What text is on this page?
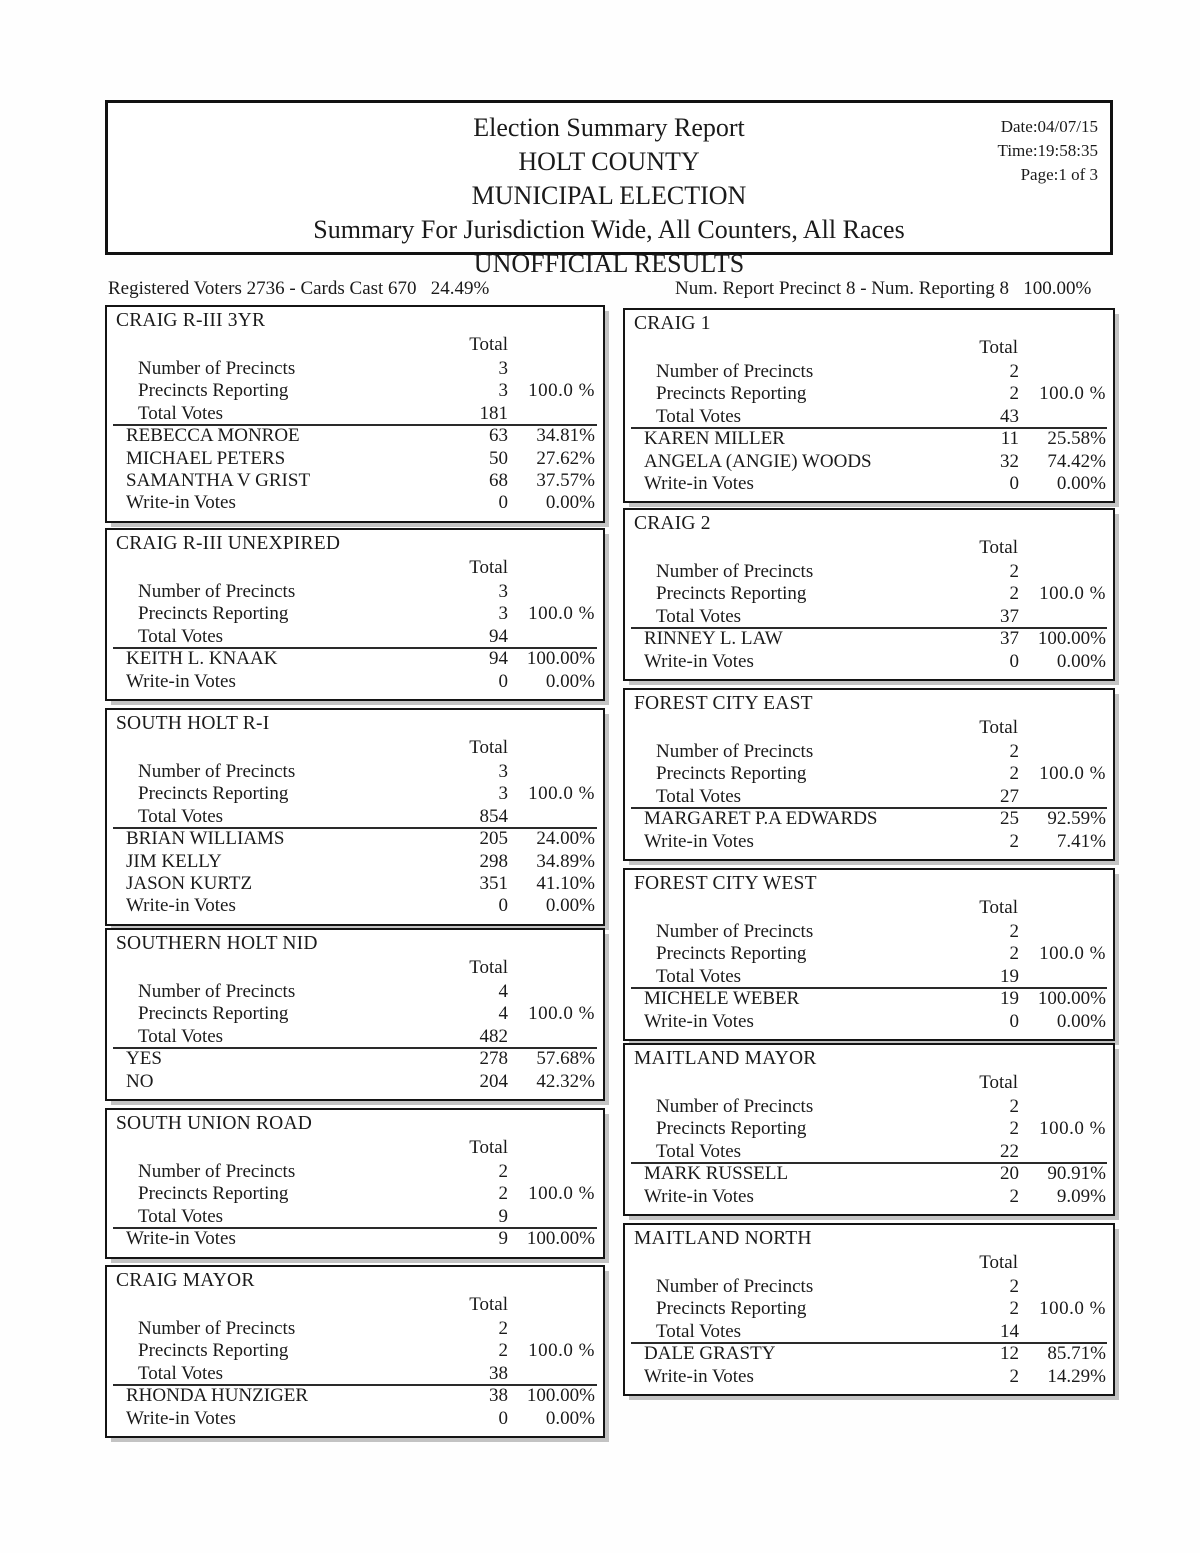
Election Summary Report
HOLT COUNTY
MUNICIPAL ELECTION
Summary For Jurisdiction Wide, All Counters, All Races
UNOFFICIAL RESULTS
Date:04/07/15
Time:19:58:35
Page:1 of 3
Registered Voters 2736 - Cards Cast 670   24.49%	Num. Report Precinct 8 - Num. Reporting 8   100.00%
CRAIG R-III 3YR
Total
Number of Precincts	3
Precincts Reporting	3	100.0 %
Total Votes	181
REBECCA MONROE	63	34.81%
MICHAEL PETERS	50	27.62%
SAMANTHA V GRIST	68	37.57%
Write-in Votes	0	0.00%
CRAIG R-III UNEXPIRED
Total
Number of Precincts	3
Precincts Reporting	3	100.0 %
Total Votes	94
KEITH L. KNAAK	94 100.00%
Write-in Votes	0	0.00%
SOUTH HOLT R-I
Total
Number of Precincts	3
Precincts Reporting	3	100.0 %
Total Votes	854
BRIAN WILLIAMS	205	24.00%
JIM KELLY	298	34.89%
JASON KURTZ	351	41.10%
Write-in Votes	0	0.00%
SOUTHERN HOLT NID
Total
Number of Precincts	4
Precincts Reporting	4	100.0 %
Total Votes	482
YES	278	57.68%
NO	204	42.32%
SOUTH UNION ROAD
Total
Number of Precincts	2
Precincts Reporting	2	100.0 %
Total Votes	9
Write-in Votes	9 100.00%
CRAIG MAYOR
Total
Number of Precincts	2
Precincts Reporting	2	100.0 %
Total Votes	38
RHONDA HUNZIGER	38 100.00%
Write-in Votes	0	0.00%
CRAIG 1
Total
Number of Precincts	2
Precincts Reporting	2	100.0 %
Total Votes	43
KAREN MILLER	11	25.58%
ANGELA (ANGIE) WOODS	32	74.42%
Write-in Votes	0	0.00%
CRAIG 2
Total
Number of Precincts	2
Precincts Reporting	2	100.0 %
Total Votes	37
RINNEY L. LAW	37 100.00%
Write-in Votes	0	0.00%
FOREST CITY EAST
Total
Number of Precincts	2
Precincts Reporting	2	100.0 %
Total Votes	27
MARGARET P.A EDWARDS	25	92.59%
Write-in Votes	2	7.41%
FOREST CITY WEST
Total
Number of Precincts	2
Precincts Reporting	2	100.0 %
Total Votes	19
MICHELE WEBER	19 100.00%
Write-in Votes	0	0.00%
MAITLAND MAYOR
Total
Number of Precincts	2
Precincts Reporting	2	100.0 %
Total Votes	22
MARK RUSSELL	20	90.91%
Write-in Votes	2	9.09%
MAITLAND NORTH
Total
Number of Precincts	2
Precincts Reporting	2	100.0 %
Total Votes	14
DALE GRASTY	12	85.71%
Write-in Votes	2	14.29%
